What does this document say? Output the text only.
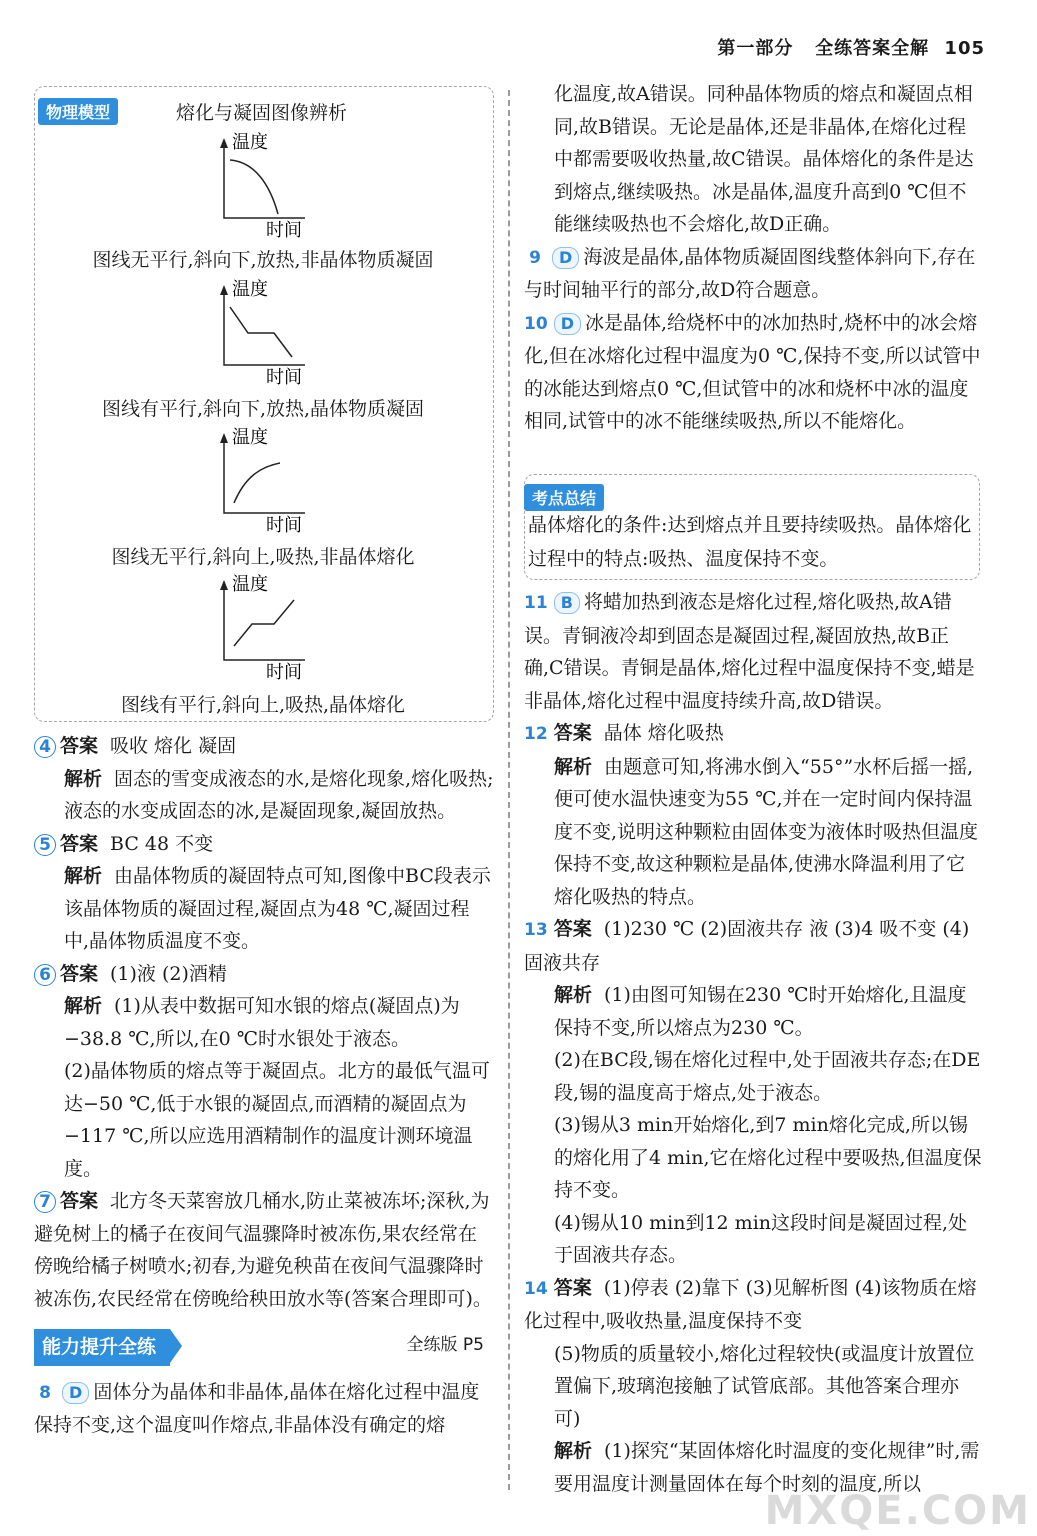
第一部分 全练答案全解 105
物理模型	熔化与凝固图像辨析
温度
时间
图线无平行,斜向下,放热,非晶体物质凝固
温度
时间
图线有平行,斜向下,放热,晶体物质凝固
温度
时间
图线无平行,斜向上,吸热,非晶体熔化
温度
时间
图线有平行,斜向上,吸热,晶体熔化

4 答案 吸收 熔化 凝固

解析 固态的雪变成液态的水,是熔化现象,熔化吸热;液态的水变成固态的冰,是凝固现象,凝固放热。

5 答案 BC 48 不变

解析 由晶体物质的凝固特点可知,图像中BC段表示该晶体物质的凝固过程,凝固点为48 ℃,凝固过程中,晶体物质温度不变。

6 答案 (1)液 (2)酒精

解析 (1)从表中数据可知水银的熔点(凝固点)为−38.8 ℃,所以,在0 ℃时水银处于液态。

(2)晶体物质的熔点等于凝固点。北方的最低气温可达−50 ℃,低于水银的凝固点,而酒精的凝固点为−117 ℃,所以应选用酒精制作的温度计测环境温度。

7 答案 北方冬天菜窖放几桶水,防止菜被冻坏;深秋,为避免树上的橘子在夜间气温骤降时被冻伤,果农经常在傍晚给橘子树喷水;初春,为避免秧苗在夜间气温骤降时被冻伤,农民经常在傍晚给秧田放水等(答案合理即可)。

能力提升全练	全练版 P5

8 D 固体分为晶体和非晶体,晶体在熔化过程中温度保持不变,这个温度叫作熔点,非晶体没有确定的熔

化温度,故A错误。同种晶体物质的熔点和凝固点相同,故B错误。无论是晶体,还是非晶体,在熔化过程中都需要吸收热量,故C错误。晶体熔化的条件是达到熔点,继续吸热。冰是晶体,温度升高到0 ℃但不能继续吸热也不会熔化,故D正确。

9 D 海波是晶体,晶体物质凝固图线整体斜向下,存在与时间轴平行的部分,故D符合题意。

10 D 冰是晶体,给烧杯中的冰加热时,烧杯中的冰会熔化,但在冰熔化过程中温度为0 ℃,保持不变,所以试管中的冰能达到熔点0 ℃,但试管中的冰和烧杯中冰的温度相同,试管中的冰不能继续吸热,所以不能熔化。

考点总结
晶体熔化的条件:达到熔点并且要持续吸热。晶体熔化过程中的特点:吸热、温度保持不变。

11 B 将蜡加热到液态是熔化过程,熔化吸热,故A错误。青铜液冷却到固态是凝固过程,凝固放热,故B正确,C错误。青铜是晶体,熔化过程中温度保持不变,蜡是非晶体,熔化过程中温度持续升高,故D错误。

12 答案 晶体 熔化吸热

解析 由题意可知,将沸水倒入“55°”水杯后摇一摇,便可使水温快速变为55 ℃,并在一定时间内保持温度不变,说明这种颗粒由固体变为液体时吸热但温度保持不变,故这种颗粒是晶体,使沸水降温利用了它熔化吸热的特点。

13 答案 (1)230 ℃ (2)固液共存 液 (3)4 吸不变 (4)固液共存

解析 (1)由图可知锡在230 ℃时开始熔化,且温度保持不变,所以熔点为230 ℃。

(2)在BC段,锡在熔化过程中,处于固液共存态;在DE段,锡的温度高于熔点,处于液态。

(3)锡从3 min开始熔化,到7 min熔化完成,所以锡的熔化用了4 min,它在熔化过程中要吸热,但温度保持不变。

(4)锡从10 min到12 min这段时间是凝固过程,处于固液共存态。

14 答案 (1)停表 (2)靠下 (3)见解析图 (4)该物质在熔化过程中,吸收热量,温度保持不变

(5)物质的质量较小,熔化过程较快(或温度计放置位置偏下,玻璃泡接触了试管底部。其他答案合理亦可)

解析 (1)探究“某固体熔化时温度的变化规律”时,需要用温度计测量固体在每个时刻的温度,所以

MXQE.COM
